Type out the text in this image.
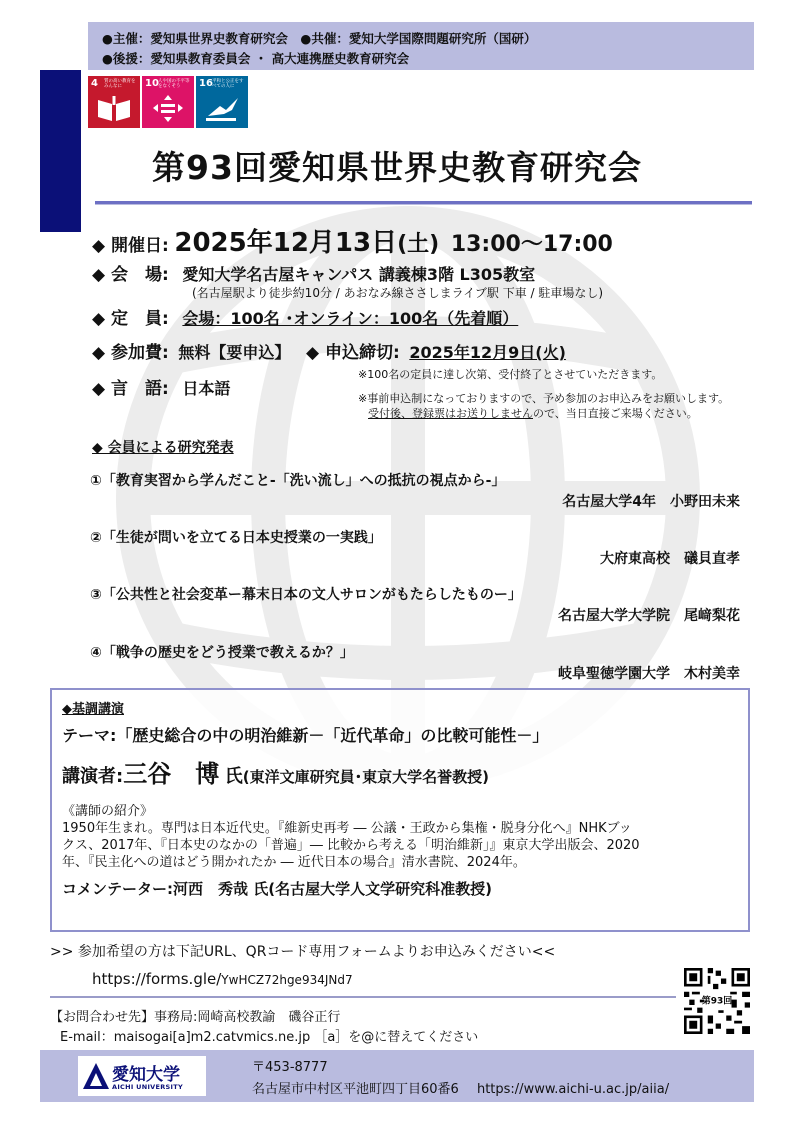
●主催：愛知県世界史教育研究会　●共催：愛知大学国際問題研究所（国研）
●後援：愛知県教育委員会 ・ 高大連携歴史教育研究会
4 質の高い教育をみんなに	10 人や国の不平等をなくそう	16 平和と公正をすべての人に
第93回愛知県世界史教育研究会
◆ 開催日: 2025年12月13日(土) 13:00～17:00
◆ 会　場: 愛知大学名古屋キャンパス 講義棟3階 L305教室
(名古屋駅より徒歩約10分 / あおなみ線ささしまライブ駅 下車 / 駐車場なし)
◆ 定　員: 会場：100名 ･オンライン：100名（先着順）
◆ 参加費: 無料【要申込】 ◆ 申込締切: 2025年12月9日(火)
※100名の定員に達し次第、受付終了とさせていただきます。
◆ 言　語: 日本語
※事前申込制になっておりますので、予め参加のお申込みをお願いします。
受付後、登録票はお送りしませんので、当日直接ご来場ください。
◆ 会員による研究発表
①「教育実習から学んだこと-「洗い流し」への抵抗の視点から-」
名古屋大学4年　小野田未来
②「生徒が問いを立てる日本史授業の一実践」
大府東高校　礒貝直孝
③「公共性と社会変革ー幕末日本の文人サロンがもたらしたものー」
名古屋大学大学院　尾﨑梨花
④「戦争の歴史をどう授業で教えるか？」
岐阜聖徳学園大学　木村美幸
◆基調講演
テーマ:「歴史総合の中の明治維新－「近代革命」の比較可能性－」
講演者:三谷　博 氏(東洋文庫研究員･東京大学名誉教授)
《講師の紹介》
1950年生まれ。専門は日本近代史。『維新史再考 ― 公議・王政から集権・脱身分化へ』NHKブッ
クス、2017年、『日本史のなかの「普遍」― 比較から考える「明治維新」』東京大学出版会、2020
年、『民主化への道はどう開かれたか ― 近代日本の場合』清水書院、2024年。
コメンテーター:河西　秀哉 氏(名古屋大学人文学研究科准教授)
>> 参加希望の方は下記URL、QRコード専用フォームよりお申込みください<<
https://forms.gle/YwHCZ72hge934JNd7
第93回
【お問合わせ先】事務局:岡崎高校教諭　磯谷正行
E-mail：maisogai[a]m2.catvmics.ne.jp ［a］を@に替えてください
愛知大学
AICHI UNIVERSITY
〒453-8777
名古屋市中村区平池町四丁目60番6 https://www.aichi-u.ac.jp/aiia/
